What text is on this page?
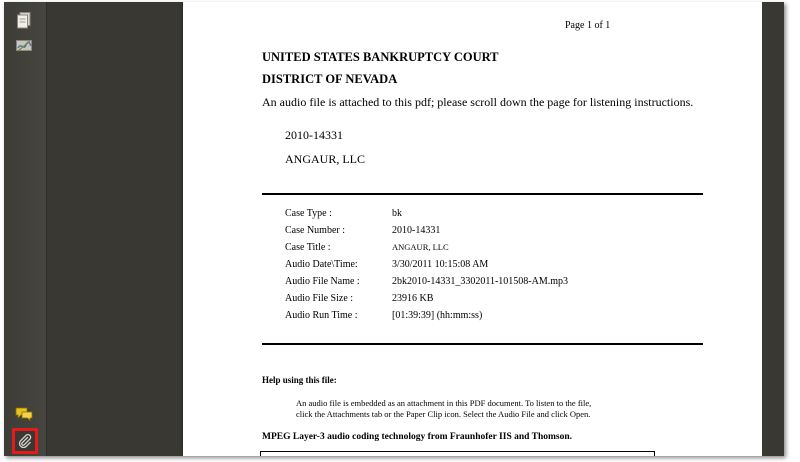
Page 1 of 1
UNITED STATES BANKRUPTCY COURT
DISTRICT OF NEVADA
An audio file is attached to this pdf; please scroll down the page for listening instructions.
2010-14331
ANGAUR, LLC
Case Type :	bk
Case Number :	2010-14331
Case Title :	ANGAUR, LLC
Audio Date\Time:	3/30/2011 10:15:08 AM
Audio File Name :	2bk2010-14331_3302011-101508-AM.mp3
Audio File Size :	23916 KB
Audio Run Time :	[01:39:39] (hh:mm:ss)
Help using this file:
An audio file is embedded as an attachment in this PDF document. To listen to the file,
click the Attachments tab or the Paper Clip icon. Select the Audio File and click Open.
MPEG Layer-3 audio coding technology from Fraunhofer IIS and Thomson.
